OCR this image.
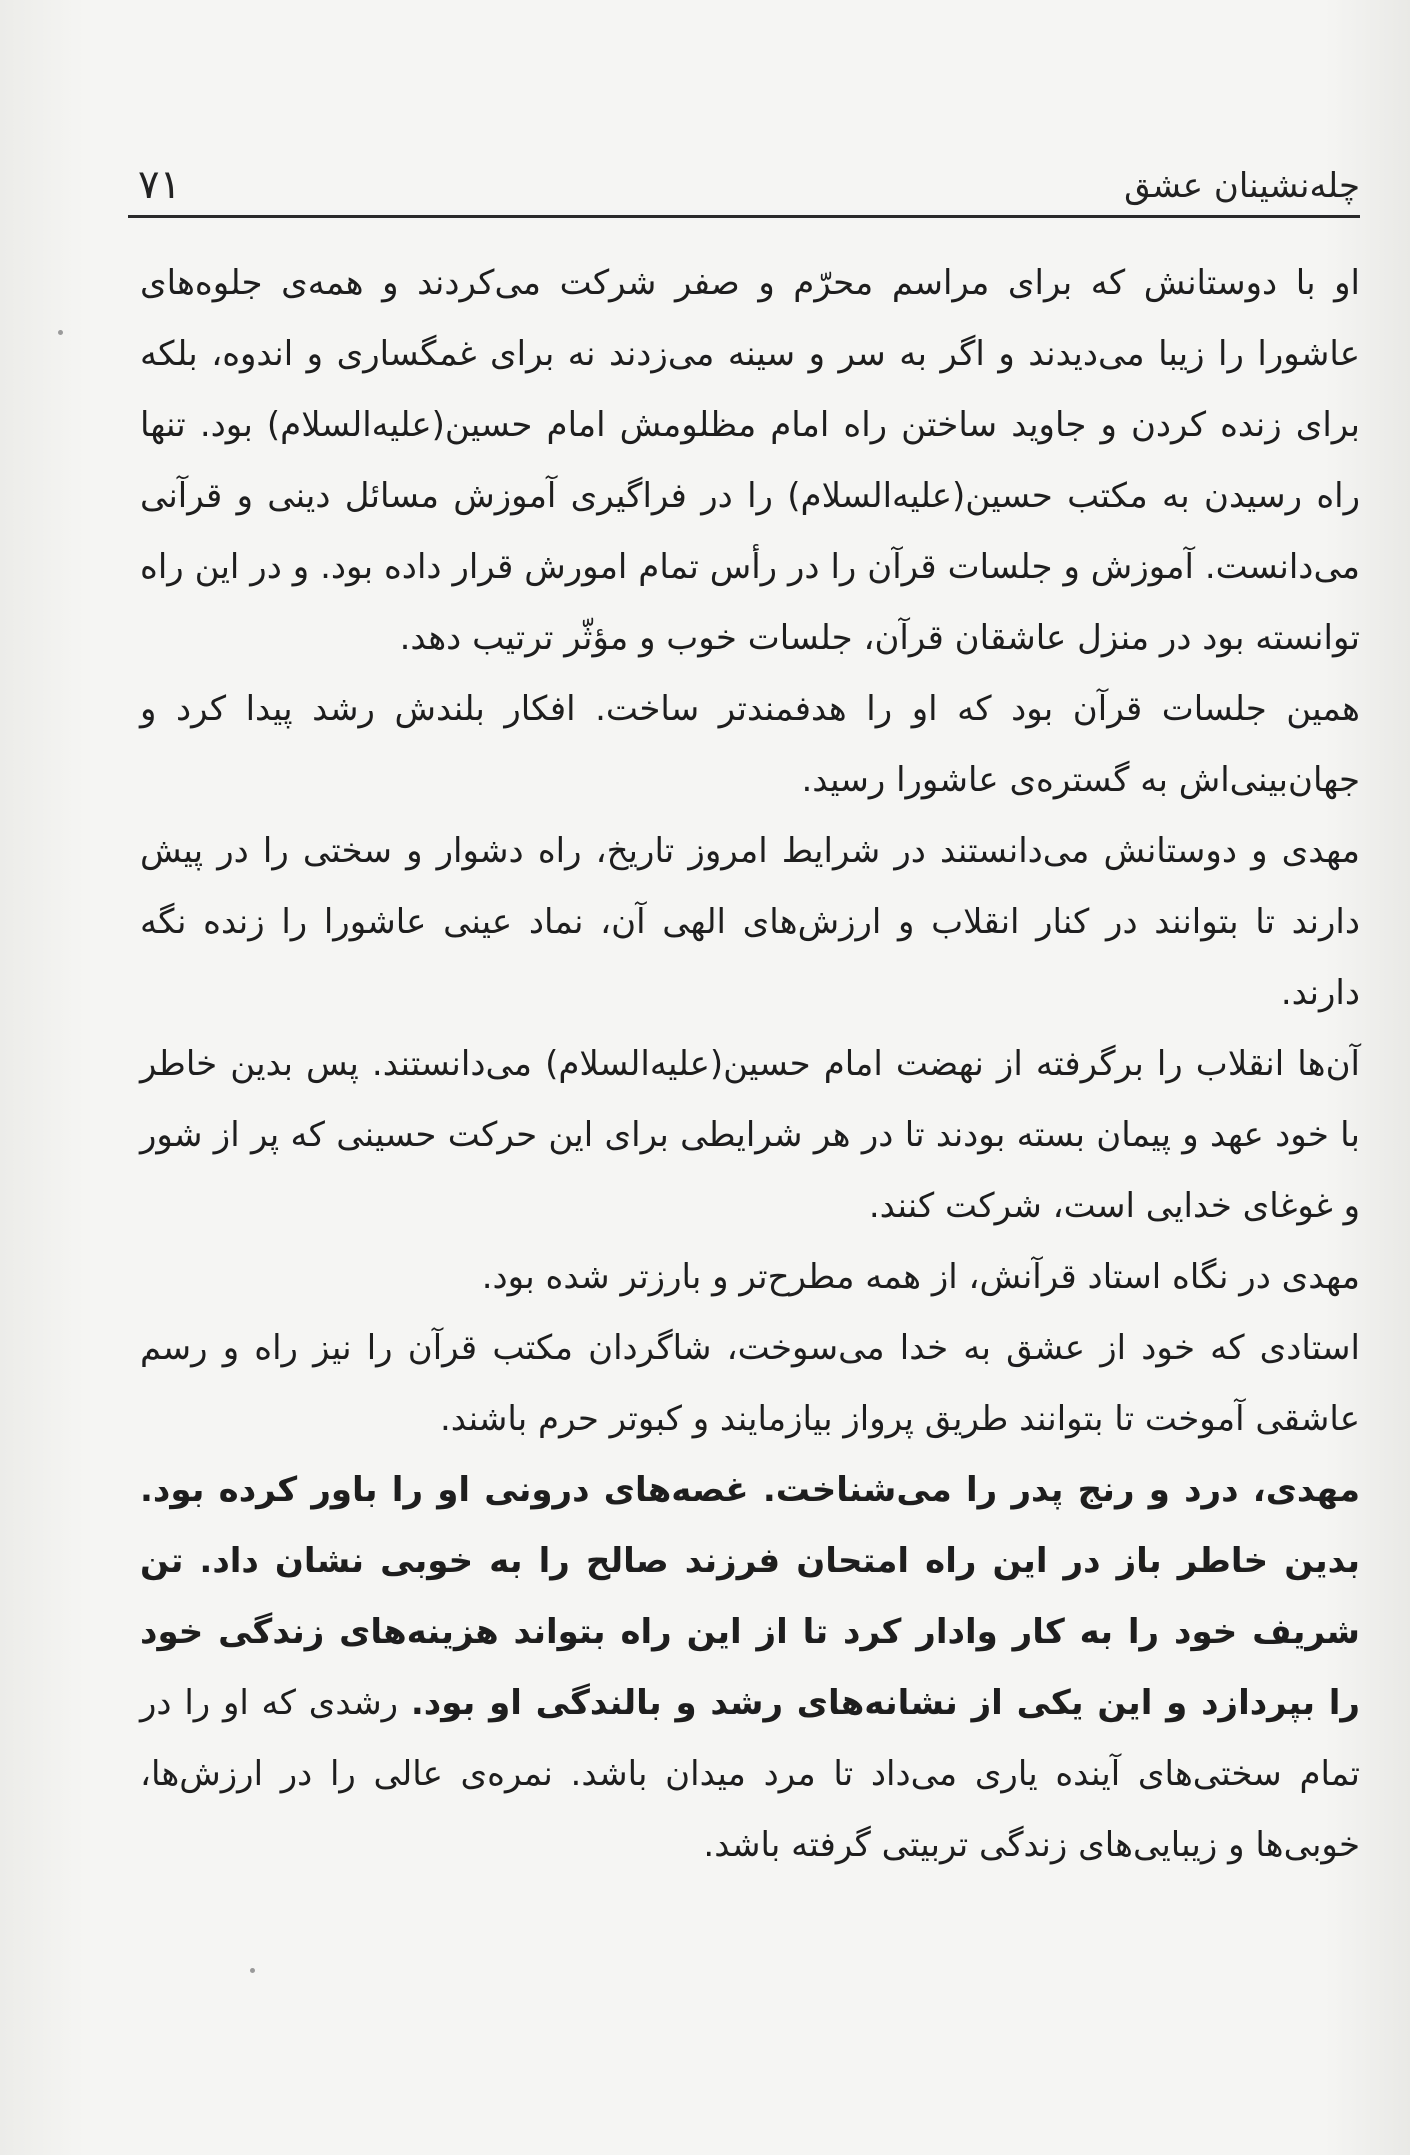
چله‌نشینان عشق
۷۱

او با دوستانش که برای مراسم محرّم و صفر شرکت می‌کردند و همه‌ی جلوه‌های عاشورا را زیبا می‌دیدند و اگر به سر و سینه می‌زدند نه برای غمگساری و اندوه، بلکه برای زنده کردن و جاوید ساختن راه امام مظلومش امام حسین(علیه‌السلام) بود. تنها راه رسیدن به مکتب حسین(علیه‌السلام) را در فراگیری آموزش مسائل دینی و قرآنی می‌دانست. آموزش و جلسات قرآن را در رأس تمام امورش قرار داده بود. و در این راه توانسته بود در منزل عاشقان قرآن، جلسات خوب و مؤثّر ترتیب دهد.

همین جلسات قرآن بود که او را هدفمندتر ساخت. افکار بلندش رشد پیدا کرد و جهان‌بینی‌اش به گستره‌ی عاشورا رسید.

مهدی و دوستانش می‌دانستند در شرایط امروز تاریخ، راه دشوار و سختی را در پیش دارند تا بتوانند در کنار انقلاب و ارزش‌های الهی آن، نماد عینی عاشورا را زنده نگه دارند.

آن‌ها انقلاب را برگرفته از نهضت امام حسین(علیه‌السلام) می‌دانستند. پس بدین خاطر با خود عهد و پیمان بسته بودند تا در هر شرایطی برای این حرکت حسینی که پر از شور و غوغای خدایی است، شرکت کنند.

مهدی در نگاه استاد قرآنش، از همه مطرح‌تر و بارزتر شده بود.

استادی که خود از عشق به خدا می‌سوخت، شاگردان مکتب قرآن را نیز راه و رسم عاشقی آموخت تا بتوانند طریق پرواز بیازمایند و کبوتر حرم باشند.

مهدی، درد و رنج پدر را می‌شناخت. غصه‌های درونی او را باور کرده بود. بدین خاطر باز در این راه امتحان فرزند صالح را به خوبی نشان داد. تن شریف خود را به کار وادار کرد تا از این راه بتواند هزینه‌های زندگی خود را بپردازد و این یکی از نشانه‌های رشد و بالندگی او بود. رشدی که او را در تمام سختی‌های آینده یاری می‌داد تا مرد میدان باشد. نمره‌ی عالی را در ارزش‌ها، خوبی‌ها و زیبایی‌های زندگی تربیتی گرفته باشد.
